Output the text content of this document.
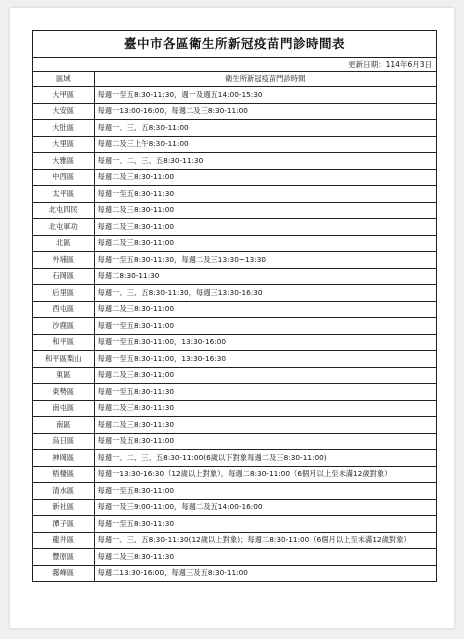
臺中市各區衛生所新冠疫苗門診時間表
更新日期：114年6月3日
區域	衛生所新冠疫苗門診時間
大甲區	每週一至五8:30-11:30，週一及週五14:00-15:30
大安區	每週一13:00-16:00，每週二及三8:30-11:00
大肚區	每週一、三、五8:30-11:00
大里區	每週二及三上午8:30-11:00
大雅區	每週一、二、三、五8:30-11:30
中西區	每週二及三8:30-11:00
太平區	每週一至五8:30-11:30
北屯四民	每週二及三8:30-11:00
北屯軍功	每週二及三8:30-11:00
北區	每週二及三8:30-11:00
外埔區	每週一至五8:30-11:30，每週二及三13:30~13:30
石岡區	每週二8:30-11:30
后里區	每週一、三、五8:30-11:30，每週三13:30-16:30
西屯區	每週二及三8:30-11:00
沙鹿區	每週一至五8:30-11:00
和平區	每週一至五8:30-11:00，13:30-16:00
和平區梨山	每週一至五8:30-11:00，13:30-16:30
東區	每週二及三8:30-11:00
東勢區	每週一至五8:30-11:30
南屯區	每週二及三8:30-11:30
南區	每週二及三8:30-11:30
烏日區	每週一及五8:30-11:00
神岡區	每週一、二、三、五8:30-11:00(6歲以下對象每週二及三8:30-11:00)
梧棲區	每週一13:30-16:30（12歲以上對象），每週二8:30-11:00（6個月以上至未滿12歲對象）
清水區	每週一至五8:30-11:00
新社區	每週一及三9:00-11:00，每週二及五14:00-16:00
潭子區	每週一至五8:30-11:30
龍井區	每週一、三、五8:30-11:30(12歲以上對象)；每週二8:30-11:00（6個月以上至未滿12歲對象）
豐原區	每週二及三8:30-11:30
霧峰區	每週二13:30-16:00，每週三及五8:30-11:00
